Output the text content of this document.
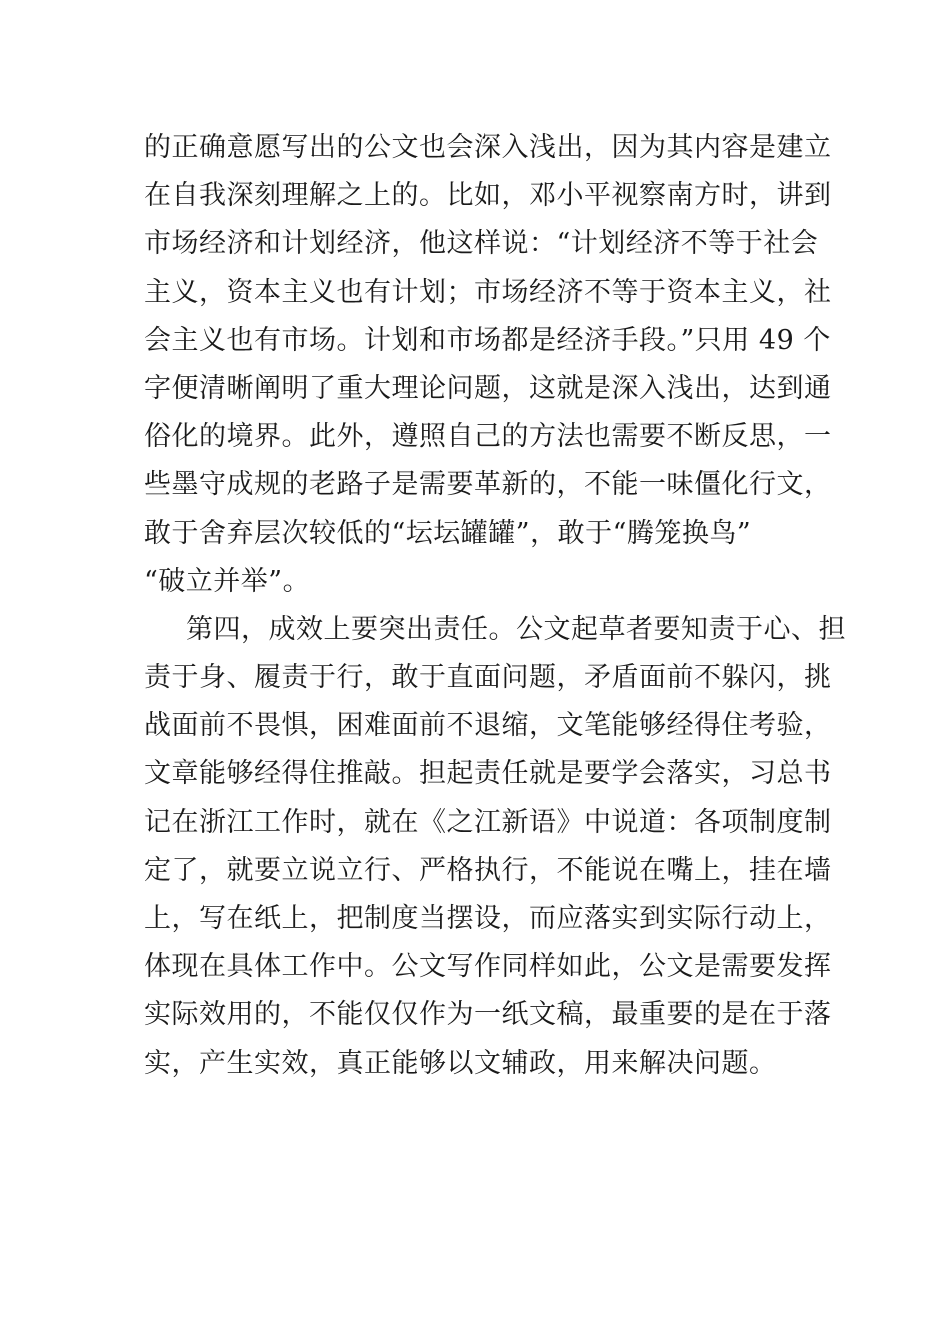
的正确意愿写出的公文也会深入浅出，因为其内容是建立
在自我深刻理解之上的。比如，邓小平视察南方时，讲到
市场经济和计划经济，他这样说：“计划经济不等于社会
主义，资本主义也有计划；市场经济不等于资本主义，社
会主义也有市场。计划和市场都是经济手段。”只用 49 个
字便清晰阐明了重大理论问题，这就是深入浅出，达到通
俗化的境界。此外，遵照自己的方法也需要不断反思，一
些墨守成规的老路子是需要革新的，不能一味僵化行文，
敢于舍弃层次较低的“坛坛罐罐”，敢于“腾笼换鸟”
“破立并举”。
第四，成效上要突出责任。公文起草者要知责于心、担
责于身、履责于行，敢于直面问题，矛盾面前不躲闪，挑
战面前不畏惧，困难面前不退缩，文笔能够经得住考验，
文章能够经得住推敲。担起责任就是要学会落实，习总书
记在浙江工作时，就在《之江新语》中说道：各项制度制
定了，就要立说立行、严格执行，不能说在嘴上，挂在墙
上，写在纸上，把制度当摆设，而应落实到实际行动上，
体现在具体工作中。公文写作同样如此，公文是需要发挥
实际效用的，不能仅仅作为一纸文稿，最重要的是在于落
实，产生实效，真正能够以文辅政，用来解决问题。
